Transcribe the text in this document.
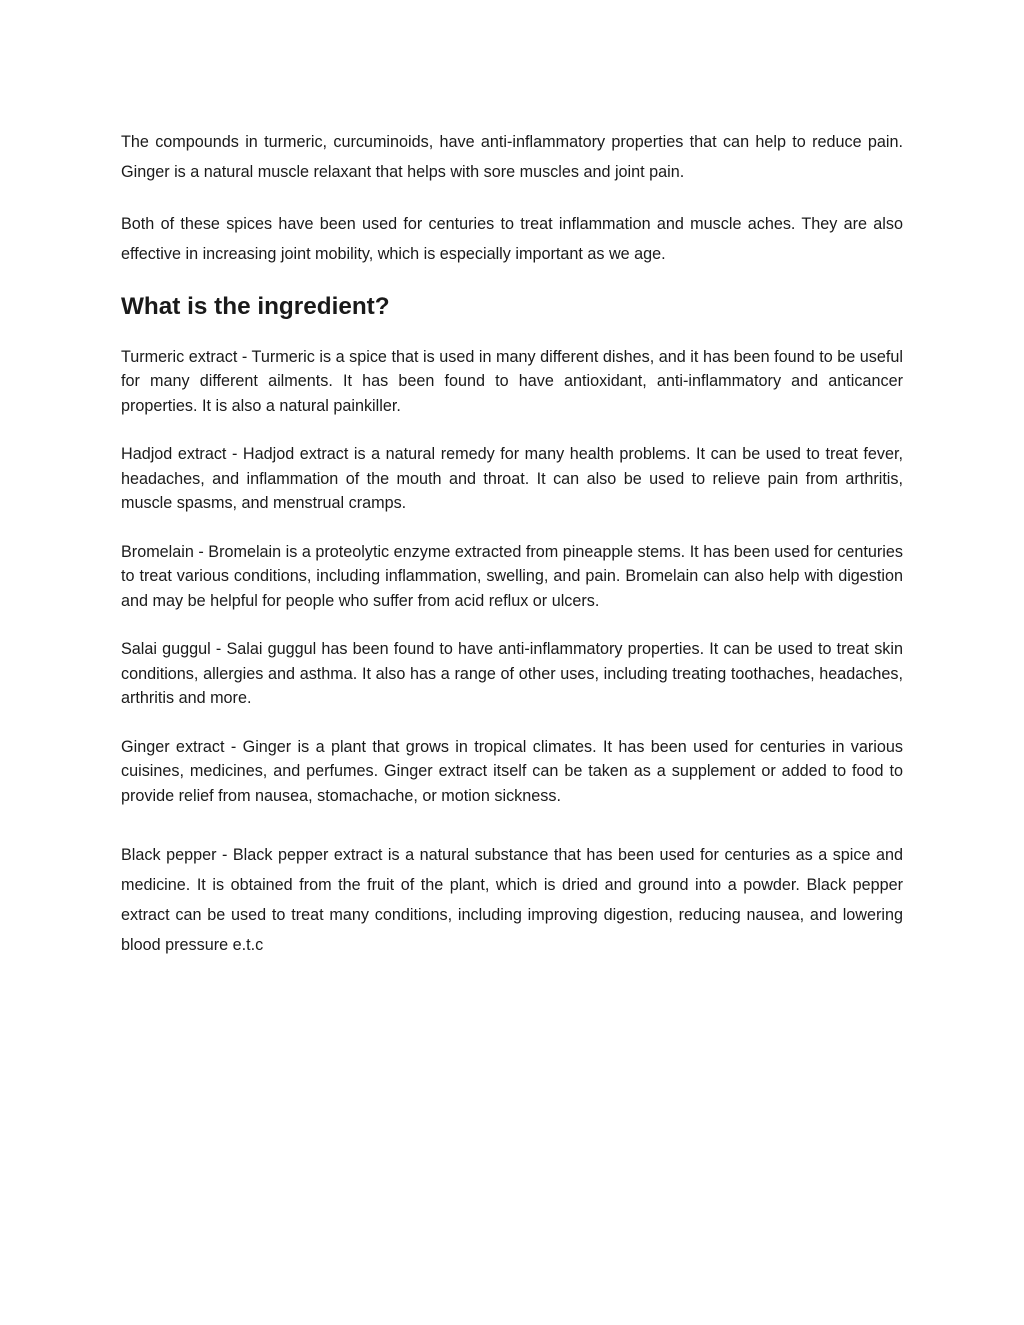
The compounds in turmeric, curcuminoids, have anti-inflammatory properties that can help to reduce pain. Ginger is a natural muscle relaxant that helps with sore muscles and joint pain.

Both of these spices have been used for centuries to treat inflammation and muscle aches. They are also effective in increasing joint mobility, which is especially important as we age.

What is the ingredient?

Turmeric extract - Turmeric is a spice that is used in many different dishes, and it has been found to be useful for many different ailments. It has been found to have antioxidant, anti-inflammatory and anticancer properties. It is also a natural painkiller.

Hadjod extract - Hadjod extract is a natural remedy for many health problems. It can be used to treat fever, headaches, and inflammation of the mouth and throat. It can also be used to relieve pain from arthritis, muscle spasms, and menstrual cramps.

Bromelain - Bromelain is a proteolytic enzyme extracted from pineapple stems. It has been used for centuries to treat various conditions, including inflammation, swelling, and pain. Bromelain can also help with digestion and may be helpful for people who suffer from acid reflux or ulcers.

Salai guggul - Salai guggul has been found to have anti-inflammatory properties. It can be used to treat skin conditions, allergies and asthma. It also has a range of other uses, including treating toothaches, headaches, arthritis and more.

Ginger extract - Ginger is a plant that grows in tropical climates. It has been used for centuries in various cuisines, medicines, and perfumes. Ginger extract itself can be taken as a supplement or added to food to provide relief from nausea, stomachache, or motion sickness.

Black pepper - Black pepper extract is a natural substance that has been used for centuries as a spice and medicine. It is obtained from the fruit of the plant, which is dried and ground into a powder. Black pepper extract can be used to treat many conditions, including improving digestion, reducing nausea, and lowering blood pressure e.t.c
